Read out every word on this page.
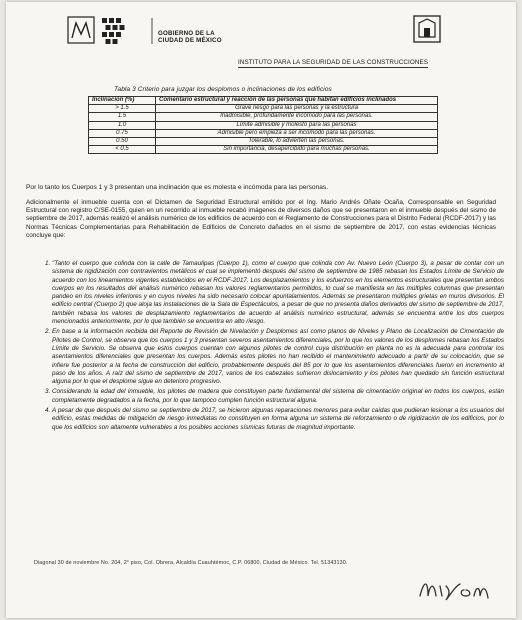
GOBIERNO DE LA
CIUDAD DE MÉXICO
INSTITUTO PARA LA SEGURIDAD DE LAS CONSTRUCCIONES
Tabla 3 Criterio para juzgar los desplomos o inclinaciones de los edificios
Inclinación (%)	Comentario estructural y reacción de las personas que habitan edificios inclinados
> 1.5	Grave riesgo para las personas y la estructura
1.5	Inadmisible, profundamente incómodo para las personas.
1.0	Límite admisible y molesto para las personas
0.75	Admisible pero empieza a ser incómodo para las personas.
0.50	Tolerable, lo advierten las personas.
< 0.5	Sin importancia, desapercibido para muchas personas.
Por lo tanto los Cuerpos 1 y 3 presentan una inclinación que es molesta e incómoda para las personas.
Adicionalmente el inmueble cuenta con el Dictamen de Seguridad Estructural emitido por el Ing. Mario Andrés Oñate Ocaña, Corresponsable en Seguridad Estructural con registro C/SE-0155, quien en un recorrido al inmueble recabó imágenes de diversos daños que se presentaron en el inmueble después del sismo de septiembre de 2017, además realizó el análisis numérico de los edificios de acuerdo con el Reglamento de Construcciones para el Distrito Federal (RCDF-2017) y las Normas Técnicas Complementarias para Rehabilitación de Edificios de Concreto dañados en el sismo de septiembre de 2017, con estas evidencias técnicas concluye que:
1. "Tanto el cuerpo que colinda con la calle de Tamaulipas (Cuerpo 1), como el cuerpo que colinda con Av. Nuevo León (Cuerpo 3), a pesar de contar con un sistema de rigidización con contravientos metálicos el cual se implementó después del sismo de septiembre de 1985 rebasan los Estados Límite de Servicio de acuerdo con los lineamientos vigentes establecidos en el RCDF-2017. Los desplazamientos y los esfuerzos en los elementos estructurales que presentan ambos cuerpos en los resultados del análisis numérico rebasan los valores reglamentarios permitidos, lo cual se manifiesta en las múltiples columnas que presentan pandeo en los niveles inferiores y en cuyos niveles ha sido necesario colocar apuntalamientos. Además se presentaron múltiples grietas en muros divisorios. El edificio central (Cuerpo 2) que aloja las instalaciones de la Sala de Espectáculos, a pesar de que no presenta daños derivados del sismo de septiembre de 2017, también rebasa los valores de desplazamiento reglamentarios de acuerdo al análisis numérico estructural, además se encuentra entre los dos cuerpos mencionados anteriormente, por lo que también se encuentra en alto riesgo.
2. En base a la información recibida del Reporte de Revisión de Nivelación y Desplomes así como planos de Niveles y Plano de Localización de Cimentación de Pilotes de Control, se observa que los cuerpos 1 y 3 presentan severos asentamientos diferenciales, por lo que los valores de los desplomes rebasan los Estados Límite de Servicio. Se observa que estos cuerpos cuentan con algunos pilotes de control cuya distribución en planta no es la adecuada para controlar los asentamientos diferenciales que presentan los cuerpos. Además estos pilotes no han recibido el mantenimiento adecuado a partir de su colocación, que se infiere fue posterior a la fecha de construcción del edificio, probablemente después del 85 por lo que los asentamientos diferenciales fueron en incremento al paso de los años. A raíz del sismo de septiembre de 2017, varios de los cabezales sufrieron dislocamiento y los pilotes han quedado sin función estructural alguna por lo que el desplome sigue en deterioro progresivo.
3. Considerando la edad del inmueble, los pilotes de madera que constituyen parte fundamental del sistema de cimentación original en todos los cuerpos, están completamente degradados a la fecha, por lo que tampoco cumplen función estructural alguna.
4. A pesar de que después del sismo se septiembre de 2017, se hicieron algunas reparaciones menores para evitar caídas que pudieran lesionar a los usuarios del edificio, estas medidas de mitigación de riesgo inmediatas no constituyen en forma alguna un sistema de reforzamiento o de rigidización de los edificios, por lo que los edificios son altamente vulnerables a los posibles acciones sísmicas futuras de magnitud importante.
Diagonal 30 de noviembre No. 204, 2° piso, Col. Obrera, Alcaldía Cuauhtémoc, C.P. 06800, Ciudad de México. Tel. 51343130.
